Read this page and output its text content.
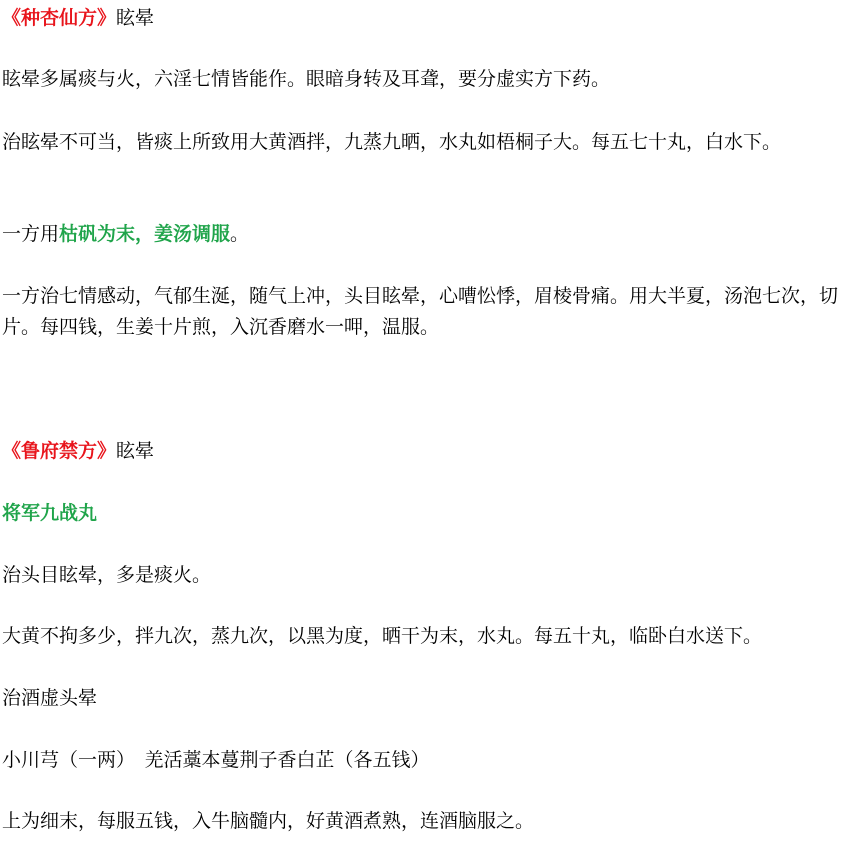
《种杏仙方》眩晕
眩晕多属痰与火，六淫七情皆能作。眼暗身转及耳聋，要分虚实方下药。
治眩晕不可当，皆痰上所致用大黄酒拌，九蒸九晒，水丸如梧桐子大。每五七十丸，白水下。
一方用枯矾为末，姜汤调服。
一方治七情感动，气郁生涎，随气上冲，头目眩晕，心嘈忪悸，眉棱骨痛。用大半夏，汤泡七次，切片。每四钱，生姜十片煎，入沉香磨水一呷，温服。
《鲁府禁方》眩晕
将军九战丸
治头目眩晕，多是痰火。
大黄不拘多少，拌九次，蒸九次，以黑为度，晒干为末，水丸。每五十丸，临卧白水送下。
治酒虚头晕
小川芎（一两）　羌活藁本蔓荆子香白芷（各五钱）
上为细末，每服五钱，入牛脑髓内，好黄酒煮熟，连酒脑服之。
